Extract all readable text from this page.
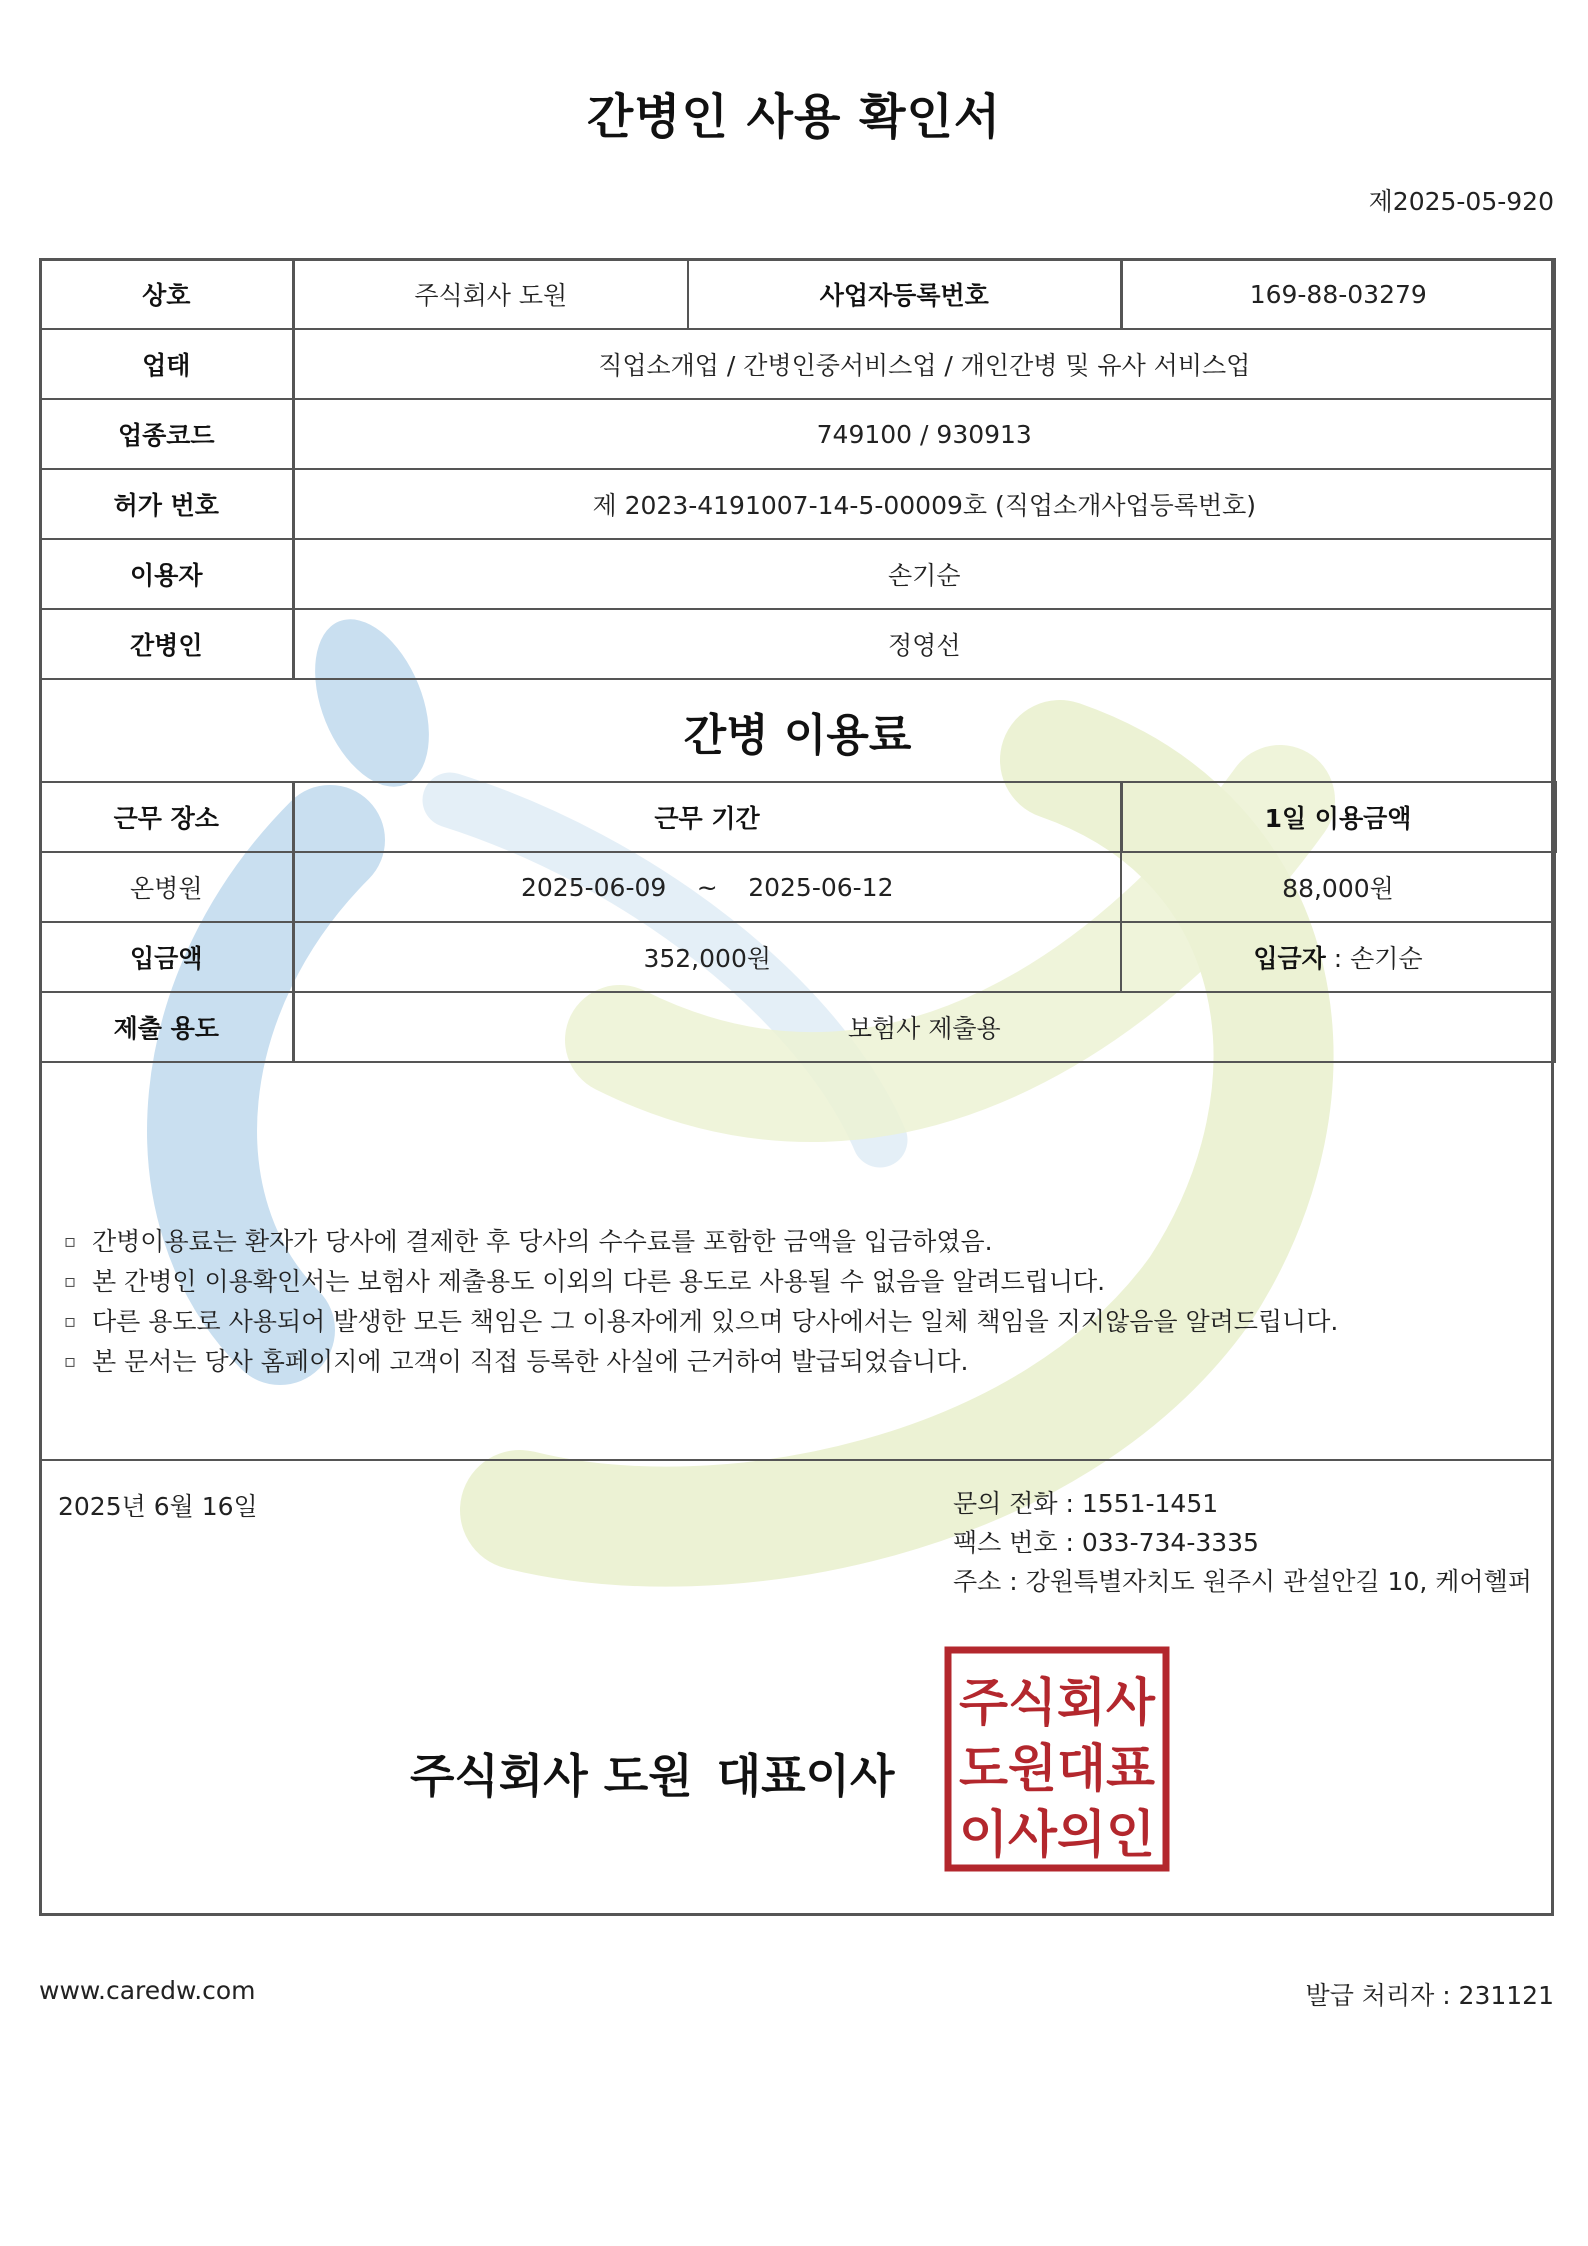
간병인 사용 확인서
제2025-05-920
상호	주식회사 도원	사업자등록번호	169-88-03279
업태	직업소개업 / 간병인중서비스업 / 개인간병 및 유사 서비스업		
업종코드	749100 / 930913		
허가 번호	제 2023-4191007-14-5-00009호 (직업소개사업등록번호)		
이용자	손기순		
간병인	정영선		
간병 이용료			
근무 장소	근무 기간		1일 이용금액
온병원	2025-06-09 ~ 2025-06-12		88,000원
입금액	352,000원		입금자 : 손기순
제출 용도	보험사 제출용		
▫ 간병이용료는 환자가 당사에 결제한 후 당사의 수수료를 포함한 금액을 입금하였음.
▫ 본 간병인 이용확인서는 보험사 제출용도 이외의 다른 용도로 사용될 수 없음을 알려드립니다.
▫ 다른 용도로 사용되어 발생한 모든 책임은 그 이용자에게 있으며 당사에서는 일체 책임을 지지않음을 알려드립니다.
▫ 본 문서는 당사 홈페이지에 고객이 직접 등록한 사실에 근거하여 발급되었습니다.
2025년 6월 16일	문의 전화 : 1551-1451
팩스 번호 : 033-734-3335
주소 : 강원특별자치도 원주시 관설안길 10, 케어헬퍼
주식회사 도원 대표이사
주식회사
도원대표
이사의인
www.caredw.com	발급 처리자 : 231121
